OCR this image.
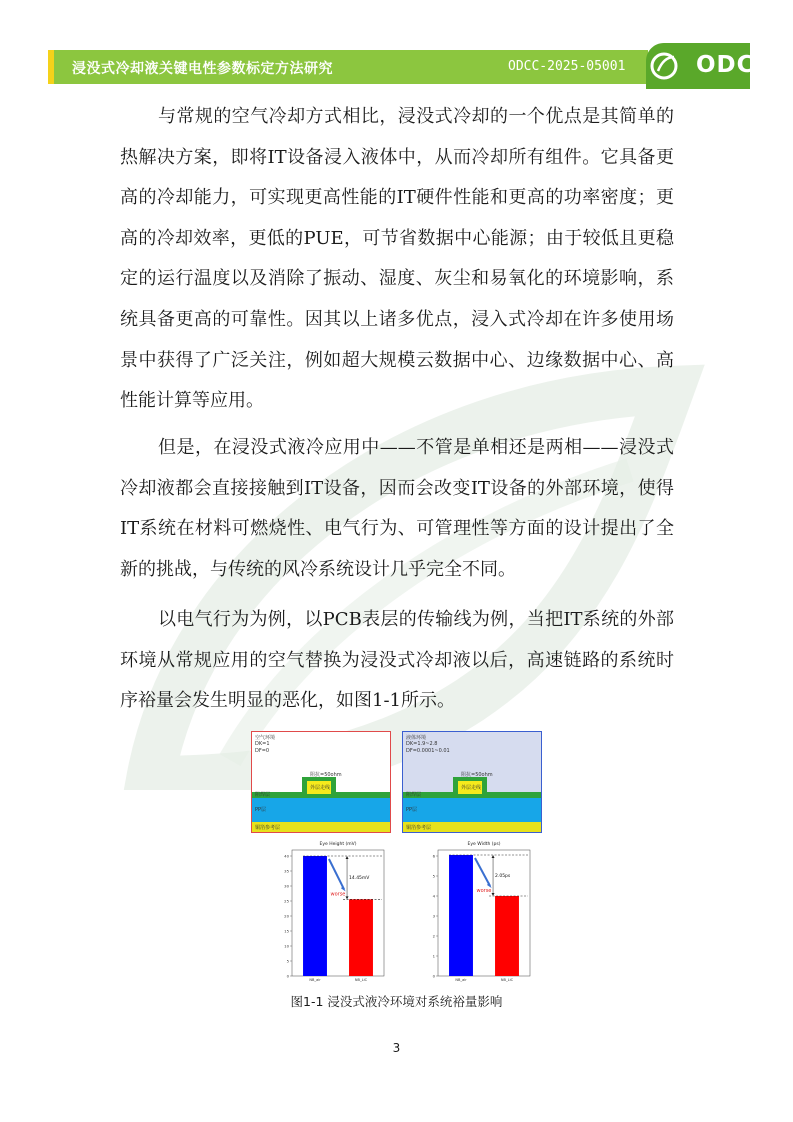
浸没式冷却液关键电性参数标定方法研究	ODCC-2025-05001	ODCC

与常规的空气冷却方式相比，浸没式冷却的一个优点是其简单的热解决方案，即将IT设备浸入液体中，从而冷却所有组件。它具备更高的冷却能力，可实现更高性能的IT硬件性能和更高的功率密度；更高的冷却效率，更低的PUE，可节省数据中心能源；由于较低且更稳定的运行温度以及消除了振动、湿度、灰尘和易氧化的环境影响，系统具备更高的可靠性。因其以上诸多优点，浸入式冷却在许多使用场景中获得了广泛关注，例如超大规模云数据中心、边缘数据中心、高性能计算等应用。

但是，在浸没式液冷应用中——不管是单相还是两相——浸没式冷却液都会直接接触到IT设备，因而会改变IT设备的外部环境，使得IT系统在材料可燃烧性、电气行为、可管理性等方面的设计提出了全新的挑战，与传统的风冷系统设计几乎完全不同。

以电气行为为例，以PCB表层的传输线为例，当把IT系统的外部环境从常规应用的空气替换为浸没式冷却液以后，高速链路的系统时序裕量会发生明显的恶化，如图1-1所示。

空气环境
DK=1
DF=0
阻抗=50ohm
外层走线
阻焊层
PP层
铜箔参考层
液体环境
DK=1.9~2.8
DF=0.0001~0.01
阻抗=50ohm
外层走线
阻焊层
PP层
铜箔参考层
Eye Height (mV)
0
5
10
15
20
25
30
35
40
NB_air	NB_LiC
14.45mV
worse
Eye Width (ps)
0
1
2
3
4
5
6
NB_air	NB_LiC
2.05ps
worse
图1-1 浸没式液冷环境对系统裕量影响
3
